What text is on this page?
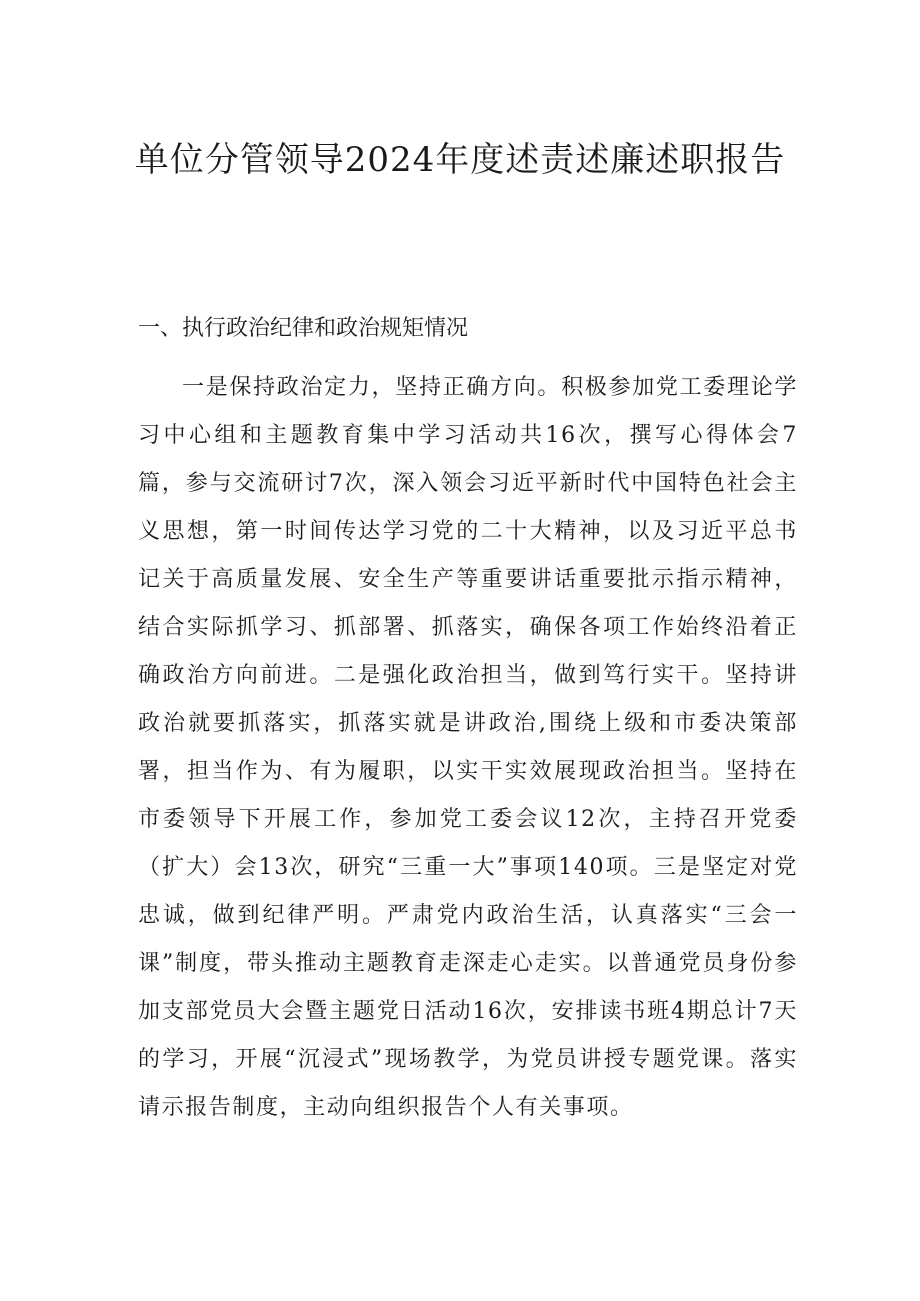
单位分管领导2024年度述责述廉述职报告
一、执行政治纪律和政治规矩情况

一是保持政治定力，坚持正确方向。积极参加党工委理论学习中心组和主题教育集中学习活动共16次，撰写心得体会7篇，参与交流研讨7次，深入领会习近平新时代中国特色社会主义思想，第一时间传达学习党的二十大精神，以及习近平总书记关于高质量发展、安全生产等重要讲话重要批示指示精神，结合实际抓学习、抓部署、抓落实，确保各项工作始终沿着正确政治方向前进。二是强化政治担当，做到笃行实干。坚持讲政治就要抓落实，抓落实就是讲政治,围绕上级和市委决策部署，担当作为、有为履职，以实干实效展现政治担当。坚持在市委领导下开展工作，参加党工委会议12次，主持召开党委（扩大）会13次，研究“三重一大”事项140项。三是坚定对党忠诚，做到纪律严明。严肃党内政治生活，认真落实“三会一课”制度，带头推动主题教育走深走心走实。以普通党员身份参加支部党员大会暨主题党日活动16次，安排读书班4期总计7天的学习，开展“沉浸式”现场教学，为党员讲授专题党课。落实请示报告制度，主动向组织报告个人有关事项。
